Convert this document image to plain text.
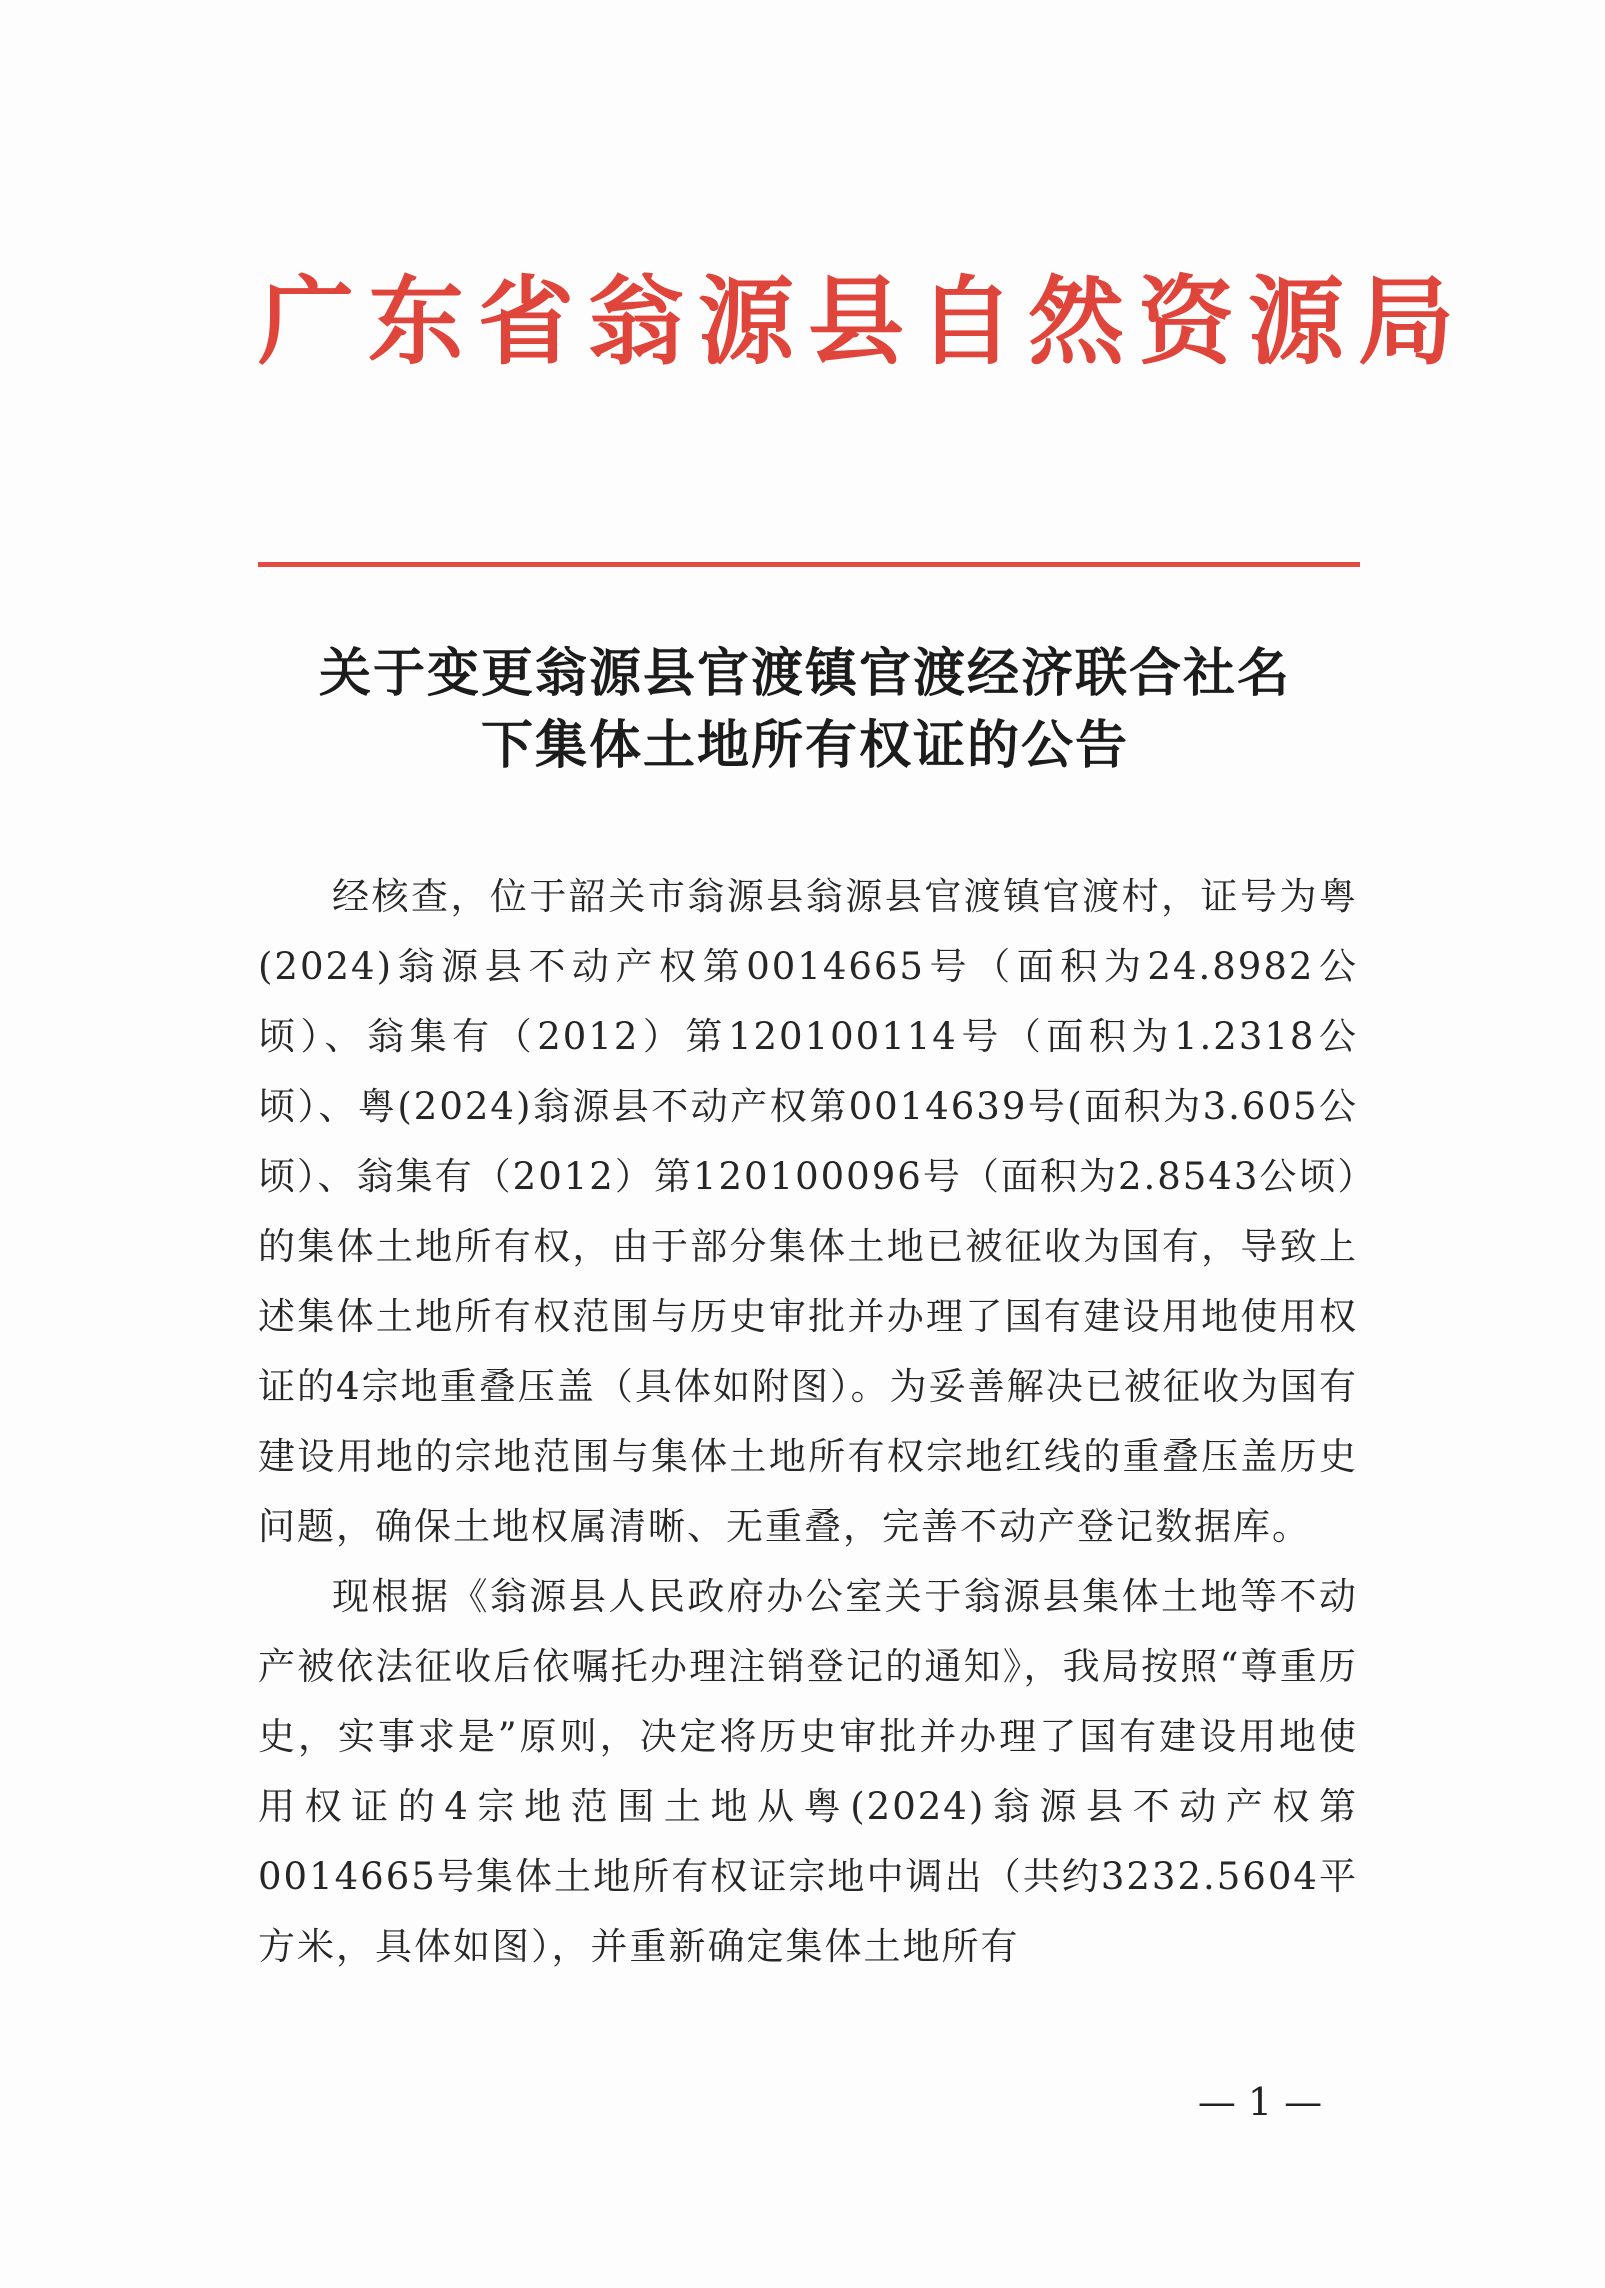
广东省翁源县自然资源局
关于变更翁源县官渡镇官渡经济联合社名
下集体土地所有权证的公告

经核查，位于韶关市翁源县翁源县官渡镇官渡村，证号为粤(2024)翁源县不动产权第0014665号（面积为24.8982公顷）、翁集有（2012）第120100114号（面积为1.2318公顷）、粤(2024)翁源县不动产权第0014639号(面积为3.605公顷）、翁集有（2012）第120100096号（面积为2.8543公顷）的集体土地所有权，由于部分集体土地已被征收为国有，导致上述集体土地所有权范围与历史审批并办理了国有建设用地使用权证的4宗地重叠压盖（具体如附图）。为妥善解决已被征收为国有建设用地的宗地范围与集体土地所有权宗地红线的重叠压盖历史问题，确保土地权属清晰、无重叠，完善不动产登记数据库。

现根据《翁源县人民政府办公室关于翁源县集体土地等不动产被依法征收后依嘱托办理注销登记的通知》，我局按照“尊重历史，实事求是”原则，决定将历史审批并办理了国有建设用地使用权证的4宗地范围土地从粤(2024)翁源县不动产权第0014665号集体土地所有权证宗地中调出（共约3232.5604平方米，具体如图），并重新确定集体土地所有

— 1 —
